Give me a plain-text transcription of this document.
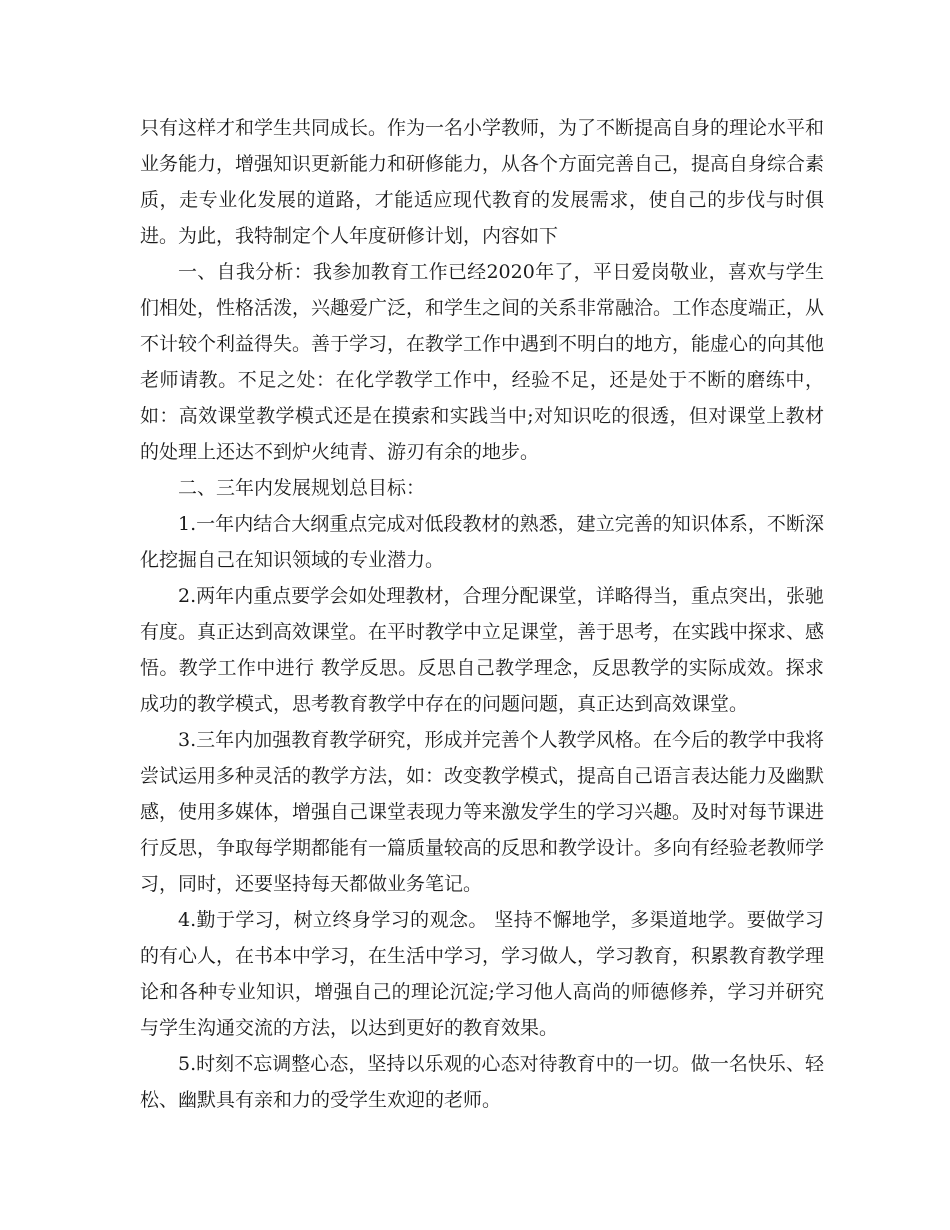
只有这样才和学生共同成长。作为一名小学教师，为了不断提高自身的理论水平和业务能力，增强知识更新能力和研修能力，从各个方面完善自己，提高自身综合素质，走专业化发展的道路，才能适应现代教育的发展需求，使自己的步伐与时俱进。为此，我特制定个人年度研修计划，内容如下

一、自我分析：我参加教育工作已经2020年了，平日爱岗敬业，喜欢与学生们相处，性格活泼，兴趣爱广泛，和学生之间的关系非常融洽。工作态度端正，从不计较个利益得失。善于学习，在教学工作中遇到不明白的地方，能虚心的向其他老师请教。不足之处：在化学教学工作中，经验不足，还是处于不断的磨练中，如：高效课堂教学模式还是在摸索和实践当中;对知识吃的很透，但对课堂上教材的处理上还达不到炉火纯青、游刃有余的地步。

二、三年内发展规划总目标：

1.一年内结合大纲重点完成对低段教材的熟悉，建立完善的知识体系，不断深化挖掘自己在知识领域的专业潜力。

2.两年内重点要学会如处理教材，合理分配课堂，详略得当，重点突出，张驰有度。真正达到高效课堂。在平时教学中立足课堂，善于思考，在实践中探求、感悟。教学工作中进行 教学反思。反思自己教学理念，反思教学的实际成效。探求成功的教学模式，思考教育教学中存在的问题问题，真正达到高效课堂。

3.三年内加强教育教学研究，形成并完善个人教学风格。在今后的教学中我将尝试运用多种灵活的教学方法，如：改变教学模式，提高自己语言表达能力及幽默感，使用多媒体，增强自己课堂表现力等来激发学生的学习兴趣。及时对每节课进行反思，争取每学期都能有一篇质量较高的反思和教学设计。多向有经验老教师学习，同时，还要坚持每天都做业务笔记。

4.勤于学习，树立终身学习的观念。 坚持不懈地学，多渠道地学。要做学习的有心人，在书本中学习，在生活中学习，学习做人，学习教育，积累教育教学理论和各种专业知识，增强自己的理论沉淀;学习他人高尚的师德修养，学习并研究与学生沟通交流的方法，以达到更好的教育效果。

5.时刻不忘调整心态，坚持以乐观的心态对待教育中的一切。做一名快乐、轻松、幽默具有亲和力的受学生欢迎的老师。
